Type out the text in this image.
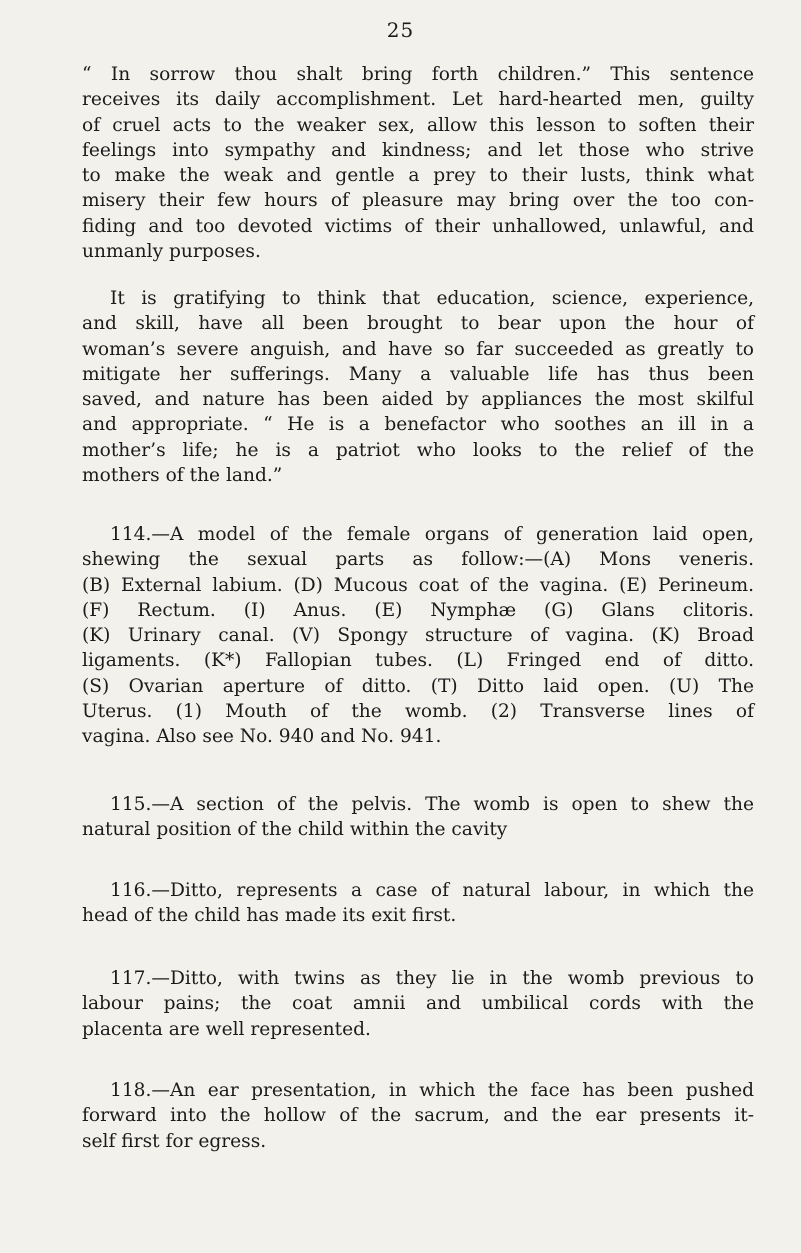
25
“ In sorrow thou shalt bring forth children.” This sentence
receives its daily accomplishment. Let hard-hearted men, guilty
of cruel acts to the weaker sex, allow this lesson to soften their
feelings into sympathy and kindness; and let those who strive
to make the weak and gentle a prey to their lusts, think what
misery their few hours of pleasure may bring over the too con-
fiding and too devoted victims of their unhallowed, unlawful, and
unmanly purposes.
It is gratifying to think that education, science, experience,
and skill, have all been brought to bear upon the hour of
woman’s severe anguish, and have so far succeeded as greatly to
mitigate her sufferings. Many a valuable life has thus been
saved, and nature has been aided by appliances the most skilful
and appropriate. “ He is a benefactor who soothes an ill in a
mother’s life; he is a patriot who looks to the relief of the
mothers of the land.”
114.—A model of the female organs of generation laid open,
shewing the sexual parts as follow:—(A) Mons veneris.
(B) External labium. (D) Mucous coat of the vagina. (E) Perineum.
(F) Rectum. (I) Anus. (E) Nymphæ (G) Glans clitoris.
(K) Urinary canal. (V) Spongy structure of vagina. (K) Broad
ligaments. (K*) Fallopian tubes. (L) Fringed end of ditto.
(S) Ovarian aperture of ditto. (T) Ditto laid open. (U) The
Uterus. (1) Mouth of the womb. (2) Transverse lines of
vagina. Also see No. 940 and No. 941.
115.—A section of the pelvis. The womb is open to shew the
natural position of the child within the cavity
116.—Ditto, represents a case of natural labour, in which the
head of the child has made its exit first.
117.—Ditto, with twins as they lie in the womb previous to
labour pains; the coat amnii and umbilical cords with the
placenta are well represented.
118.—An ear presentation, in which the face has been pushed
forward into the hollow of the sacrum, and the ear presents it-
self first for egress.
